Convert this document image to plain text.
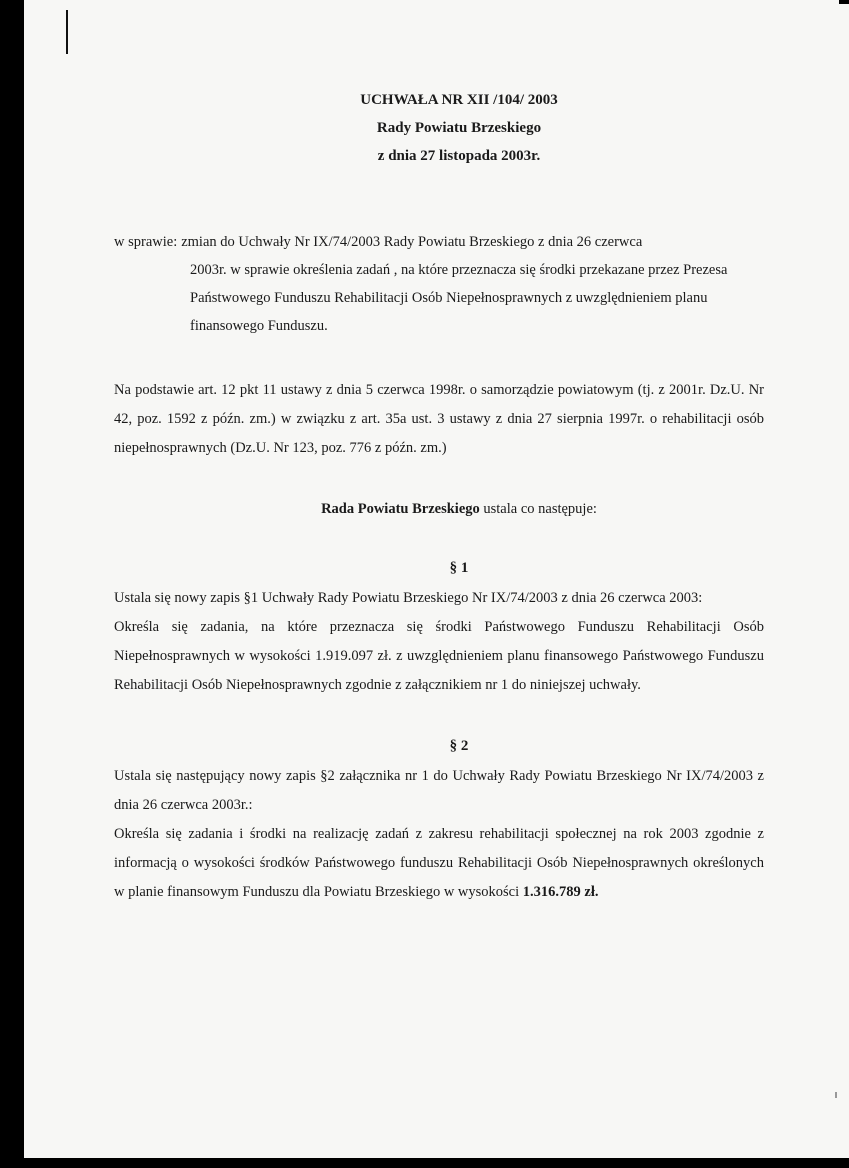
UCHWAŁA NR XII /104/ 2003
Rady Powiatu Brzeskiego
z dnia 27 listopada 2003r.
w sprawie: zmian do Uchwały Nr IX/74/2003 Rady Powiatu Brzeskiego z dnia 26 czerwca
2003r. w sprawie określenia zadań , na które przeznacza się środki przekazane przez Prezesa Państwowego Funduszu Rehabilitacji Osób Niepełnosprawnych z uwzględnieniem planu finansowego Funduszu.
Na podstawie art. 12 pkt 11 ustawy z dnia 5 czerwca 1998r. o samorządzie powiatowym (tj. z 2001r. Dz.U. Nr 42, poz. 1592 z późn. zm.) w związku z art. 35a ust. 3 ustawy z dnia 27 sierpnia 1997r. o rehabilitacji osób niepełnosprawnych (Dz.U. Nr 123, poz. 776 z późn. zm.)
Rada Powiatu Brzeskiego ustala co następuje:
§ 1

Ustala się nowy zapis §1 Uchwały Rady Powiatu Brzeskiego Nr IX/74/2003 z dnia 26 czerwca 2003:

Określa się zadania, na które przeznacza się środki Państwowego Funduszu Rehabilitacji Osób Niepełnosprawnych w wysokości 1.919.097 zł. z uwzględnieniem planu finansowego Państwowego Funduszu Rehabilitacji Osób Niepełnosprawnych zgodnie z załącznikiem nr 1 do niniejszej uchwały.

§ 2

Ustala się następujący nowy zapis §2 załącznika nr 1 do Uchwały Rady Powiatu Brzeskiego Nr IX/74/2003 z dnia 26 czerwca 2003r.:

Określa się zadania i środki na realizację zadań z zakresu rehabilitacji społecznej na rok 2003 zgodnie z informacją o wysokości środków Państwowego funduszu Rehabilitacji Osób Niepełnosprawnych określonych w planie finansowym Funduszu dla Powiatu Brzeskiego w wysokości 1.316.789 zł.
